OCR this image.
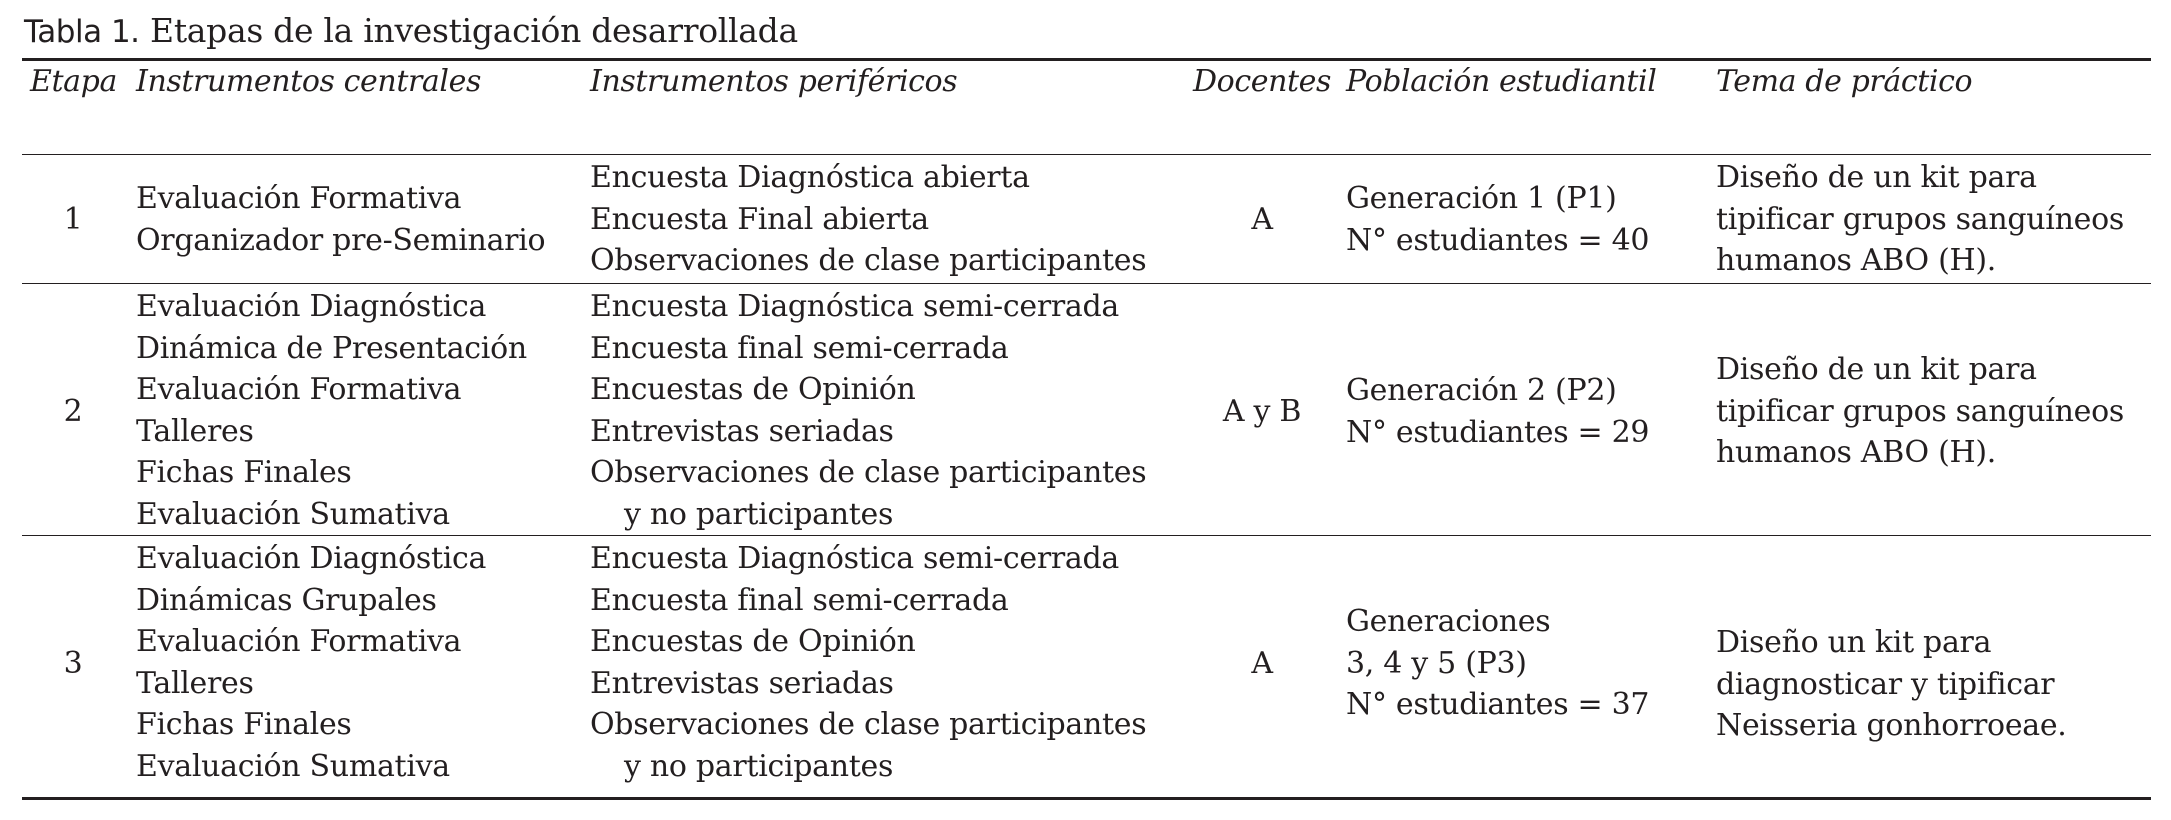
Tabla 1. Etapas de la investigación desarrollada
Etapa Instrumentos centrales	Instrumentos periféricos	Docentes Población estudiantil Tema de práctico
1
Evaluación Formativa
Organizador pre-Seminario
Encuesta Diagnóstica abierta
Encuesta Final abierta
Observaciones de clase participantes
A
Generación 1 (P1)
N° estudiantes = 40
Diseño de un kit para
tipificar grupos sanguíneos
humanos ABO (H).
2
Evaluación Diagnóstica
Dinámica de Presentación
Evaluación Formativa
Talleres
Fichas Finales
Evaluación Sumativa
Encuesta Diagnóstica semi-cerrada
Encuesta final semi-cerrada
Encuestas de Opinión
Entrevistas seriadas
Observaciones de clase participantes
y no participantes
A y B
Generación 2 (P2)
N° estudiantes = 29
Diseño de un kit para
tipificar grupos sanguíneos
humanos ABO (H).
3
Evaluación Diagnóstica
Dinámicas Grupales
Evaluación Formativa
Talleres
Fichas Finales
Evaluación Sumativa
Encuesta Diagnóstica semi-cerrada
Encuesta final semi-cerrada
Encuestas de Opinión
Entrevistas seriadas
Observaciones de clase participantes
y no participantes
A
Generaciones
3, 4 y 5 (P3)
N° estudiantes = 37
Diseño un kit para
diagnosticar y tipificar
Neisseria gonhorroeae.
